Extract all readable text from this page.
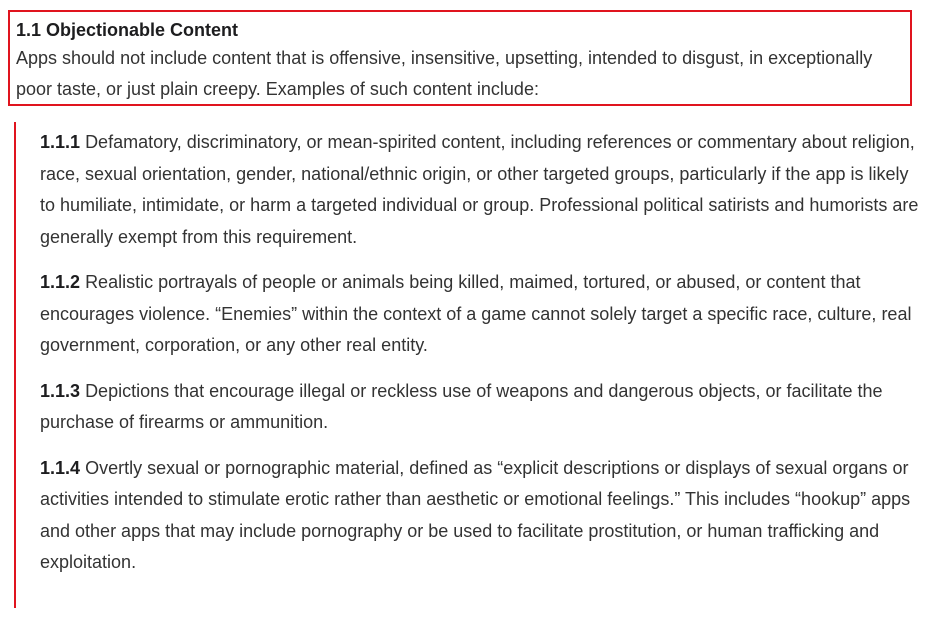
1.1 Objectionable Content

Apps should not include content that is offensive, insensitive, upsetting, intended to disgust, in exceptionally poor taste, or just plain creepy. Examples of such content include:

1.1.1 Defamatory, discriminatory, or mean-spirited content, including references or commentary about religion, race, sexual orientation, gender, national/ethnic origin, or other targeted groups, particularly if the app is likely to humiliate, intimidate, or harm a targeted individual or group. Professional political satirists and humorists are generally exempt from this requirement.

1.1.2 Realistic portrayals of people or animals being killed, maimed, tortured, or abused, or content that encourages violence. “Enemies” within the context of a game cannot solely target a specific race, culture, real government, corporation, or any other real entity.

1.1.3 Depictions that encourage illegal or reckless use of weapons and dangerous objects, or facilitate the purchase of firearms or ammunition.

1.1.4 Overtly sexual or pornographic material, defined as “explicit descriptions or displays of sexual organs or activities intended to stimulate erotic rather than aesthetic or emotional feelings.” This includes “hookup” apps and other apps that may include pornography or be used to facilitate prostitution, or human trafficking and exploitation.
